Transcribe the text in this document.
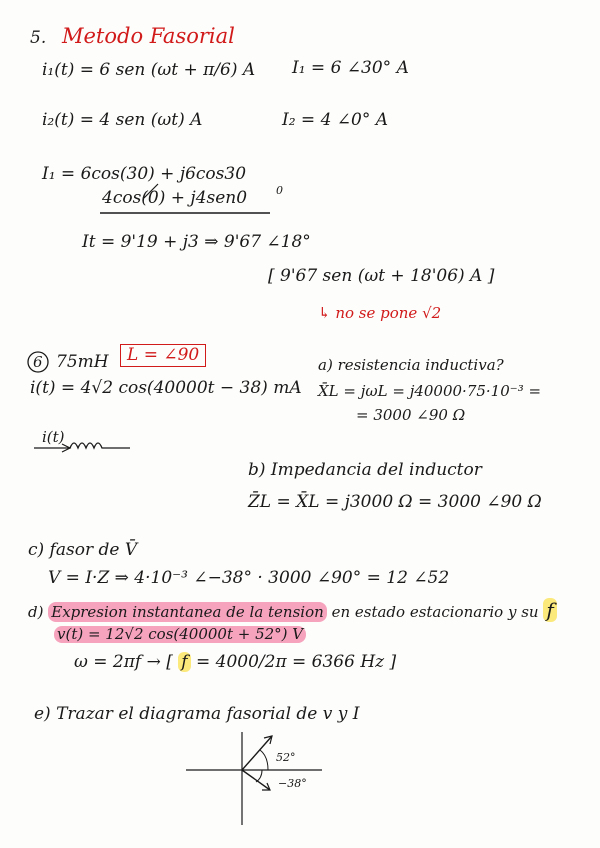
5. Metodo Fasorial
i₁(t) = 6 sen (ωt + π/6) A I₁ = 6 ∠30° A
i₂(t) = 4 sen (ωt) A	I₂ = 4 ∠0° A
I₁ = 6cos(30) + j6cos30
4cos(0) + j4sen0	0
It = 9'19 + j3 ⇒ 9'67 ∠18°
[ 9'67 sen (ωt + 18'06) A ]
↳ no se pone √2
6 75mH	L = ∠90
i(t) = 4√2 cos(40000t − 38) mA
i(t)
a) resistencia inductiva?
X̄L = jωL = j40000·75·10⁻³ =
= 3000 ∠90 Ω
b) Impedancia del inductor
Z̄L = X̄L = j3000 Ω = 3000 ∠90 Ω
c) fasor de V̄
V = I·Z ⇒ 4·10⁻³ ∠−38° · 3000 ∠90° = 12 ∠52
d) Expresion instantanea de la tension en estado estacionario y su f
v(t) = 12√2 cos(40000t + 52°) V
ω = 2πf → [ f = 4000/2π = 6366 Hz ]
e) Trazar el diagrama fasorial de v y I
52°
−38°
